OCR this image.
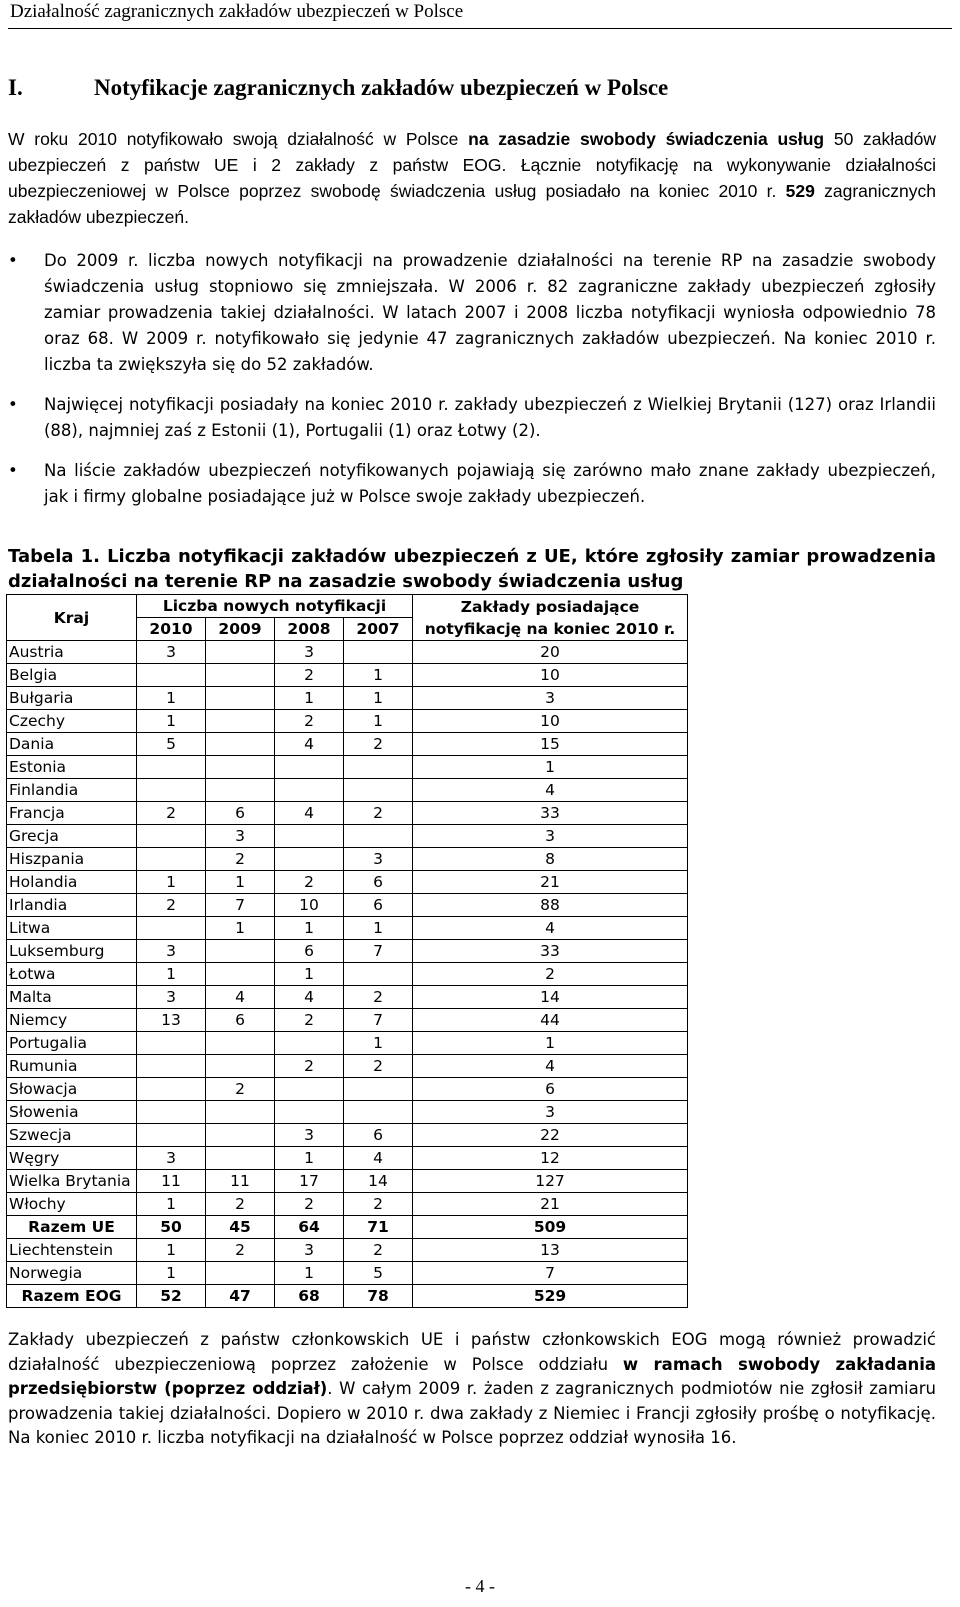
Działalność zagranicznych zakładów ubezpieczeń w Polsce
I.	Notyfikacje zagranicznych zakładów ubezpieczeń w Polsce
W roku 2010 notyfikowało swoją działalność w Polsce na zasadzie swobody świadczenia usług 50 zakładów ubezpieczeń z państw UE i 2 zakłady z państw EOG. Łącznie notyfikację na wykonywanie działalności ubezpieczeniowej w Polsce poprzez swobodę świadczenia usług posiadało na koniec 2010 r. 529 zagranicznych zakładów ubezpieczeń.
• Do 2009 r. liczba nowych notyfikacji na prowadzenie działalności na terenie RP na zasadzie swobody świadczenia usług stopniowo się zmniejszała. W 2006 r. 82 zagraniczne zakłady ubezpieczeń zgłosiły zamiar prowadzenia takiej działalności. W latach 2007 i 2008 liczba notyfikacji wyniosła odpowiednio 78 oraz 68. W 2009 r. notyfikowało się jedynie 47 zagranicznych zakładów ubezpieczeń. Na koniec 2010 r. liczba ta zwiększyła się do 52 zakładów.
• Najwięcej notyfikacji posiadały na koniec 2010 r. zakłady ubezpieczeń z Wielkiej Brytanii (127) oraz Irlandii (88), najmniej zaś z Estonii (1), Portugalii (1) oraz Łotwy (2).
• Na liście zakładów ubezpieczeń notyfikowanych pojawiają się zarówno mało znane zakłady ubezpieczeń, jak i firmy globalne posiadające już w Polsce swoje zakłady ubezpieczeń.
Tabela 1. Liczba notyfikacji zakładów ubezpieczeń z UE, które zgłosiły zamiar prowadzenia działalności na terenie RP na zasadzie swobody świadczenia usług
Kraj	Liczba nowych notyfikacji				Zakłady posiadające notyfikację na koniec 2010 r.
	2010	2009	2008	2007	
Austria	3		3		20
Belgia			2	1	10
Bułgaria	1		1	1	3
Czechy	1		2	1	10
Dania	5		4	2	15
Estonia					1
Finlandia					4
Francja	2	6	4	2	33
Grecja		3			3
Hiszpania		2		3	8
Holandia	1	1	2	6	21
Irlandia	2	7	10	6	88
Litwa		1	1	1	4
Luksemburg	3		6	7	33
Łotwa	1		1		2
Malta	3	4	4	2	14
Niemcy	13	6	2	7	44
Portugalia				1	1
Rumunia			2	2	4
Słowacja		2			6
Słowenia					3
Szwecja			3	6	22
Węgry	3		1	4	12
Wielka Brytania	11	11	17	14	127
Włochy	1	2	2	2	21
Razem UE	50	45	64	71	509
Liechtenstein	1	2	3	2	13
Norwegia	1		1	5	7
Razem EOG	52	47	68	78	529
Zakłady ubezpieczeń z państw członkowskich UE i państw członkowskich EOG mogą również prowadzić działalność ubezpieczeniową poprzez założenie w Polsce oddziału w ramach swobody zakładania przedsiębiorstw (poprzez oddział). W całym 2009 r. żaden z zagranicznych podmiotów nie zgłosił zamiaru prowadzenia takiej działalności. Dopiero w 2010 r. dwa zakłady z Niemiec i Francji zgłosiły prośbę o notyfikację. Na koniec 2010 r. liczba notyfikacji na działalność w Polsce poprzez oddział wynosiła 16.
- 4 -
